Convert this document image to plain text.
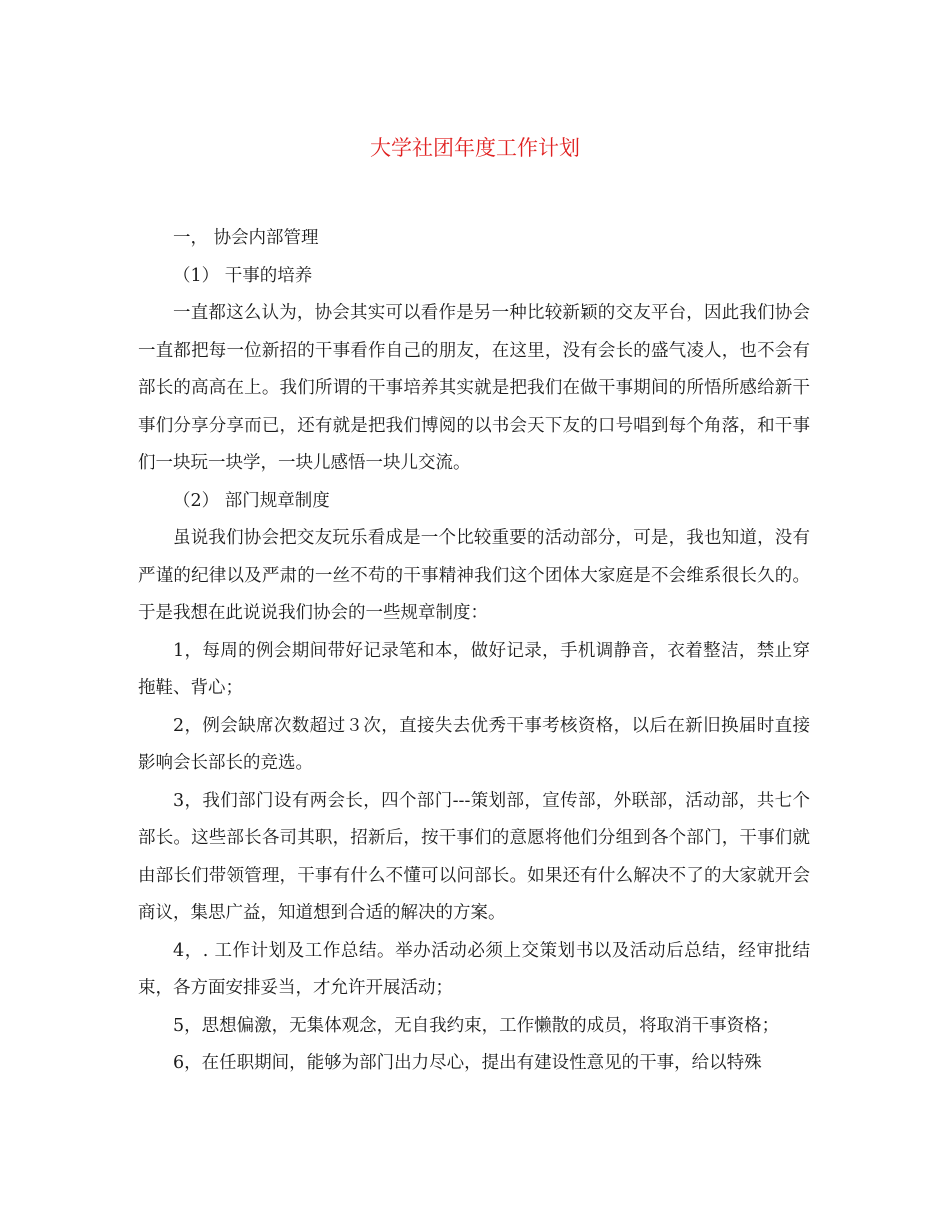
大学社团年度工作计划

一， 协会内部管理

（1） 干事的培养

一直都这么认为，协会其实可以看作是另一种比较新颖的交友平台，因此我们协会一直都把每一位新招的干事看作自己的朋友，在这里，没有会长的盛气凌人，也不会有部长的高高在上。我们所谓的干事培养其实就是把我们在做干事期间的所悟所感给新干事们分享分享而已，还有就是把我们博阅的以书会天下友的口号唱到每个角落，和干事们一块玩一块学，一块儿感悟一块儿交流。

（2） 部门规章制度

虽说我们协会把交友玩乐看成是一个比较重要的活动部分，可是，我也知道，没有严谨的纪律以及严肃的一丝不苟的干事精神我们这个团体大家庭是不会维系很长久的。于是我想在此说说我们协会的一些规章制度：

1，每周的例会期间带好记录笔和本，做好记录，手机调静音，衣着整洁，禁止穿拖鞋、背心；

2，例会缺席次数超过３次，直接失去优秀干事考核资格，以后在新旧换届时直接影响会长部长的竞选。

3，我们部门设有两会长，四个部门---策划部，宣传部，外联部，活动部，共七个部长。这些部长各司其职，招新后，按干事们的意愿将他们分组到各个部门，干事们就由部长们带领管理，干事有什么不懂可以问部长。如果还有什么解决不了的大家就开会商议，集思广益，知道想到合适的解决的方案。

4，. 工作计划及工作总结。举办活动必须上交策划书以及活动后总结，经审批结束，各方面安排妥当，才允许开展活动；

5，思想偏激，无集体观念，无自我约束，工作懒散的成员，将取消干事资格；

6，在任职期间，能够为部门出力尽心，提出有建设性意见的干事，给以特殊
